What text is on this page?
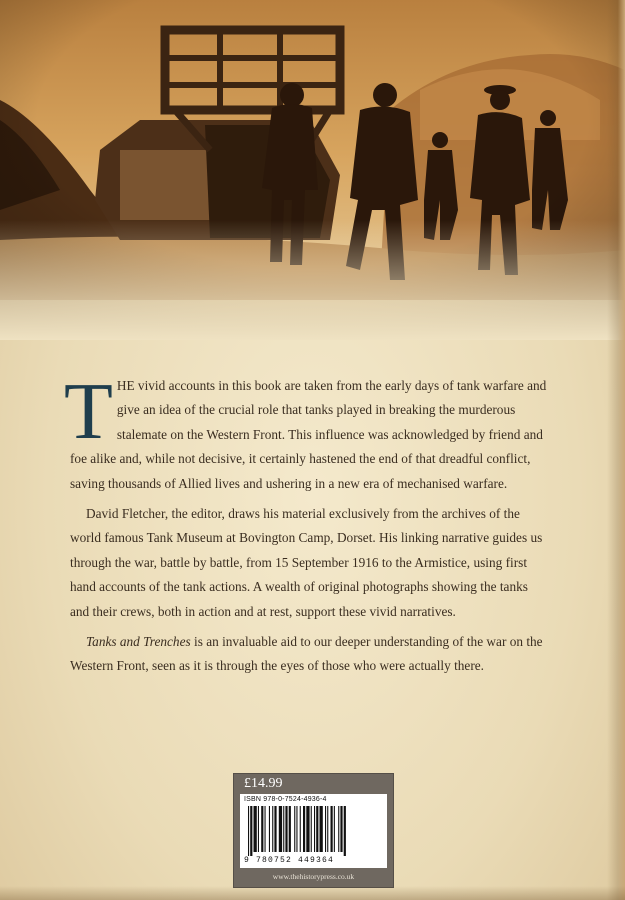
THE vivid accounts in this book are taken from the early days of tank warfare and give an idea of the crucial role that tanks played in breaking the murderous stalemate on the Western Front. This influence was acknowledged by friend and foe alike and, while not decisive, it certainly hastened the end of that dreadful conflict, saving thousands of Allied lives and ushering in a new era of mechanised warfare.

David Fletcher, the editor, draws his material exclusively from the archives of the world famous Tank Museum at Bovington Camp, Dorset. His linking narrative guides us through the war, battle by battle, from 15 September 1916 to the Armistice, using first hand accounts of the tank actions. A wealth of original photographs showing the tanks and their crews, both in action and at rest, support these vivid narratives.

Tanks and Trenches is an invaluable aid to our deeper understanding of the war on the Western Front, seen as it is through the eyes of those who were actually there.

£14.99
ISBN 978-0-7524-4936-4
9 780752 449364
www.thehistorypress.co.uk
